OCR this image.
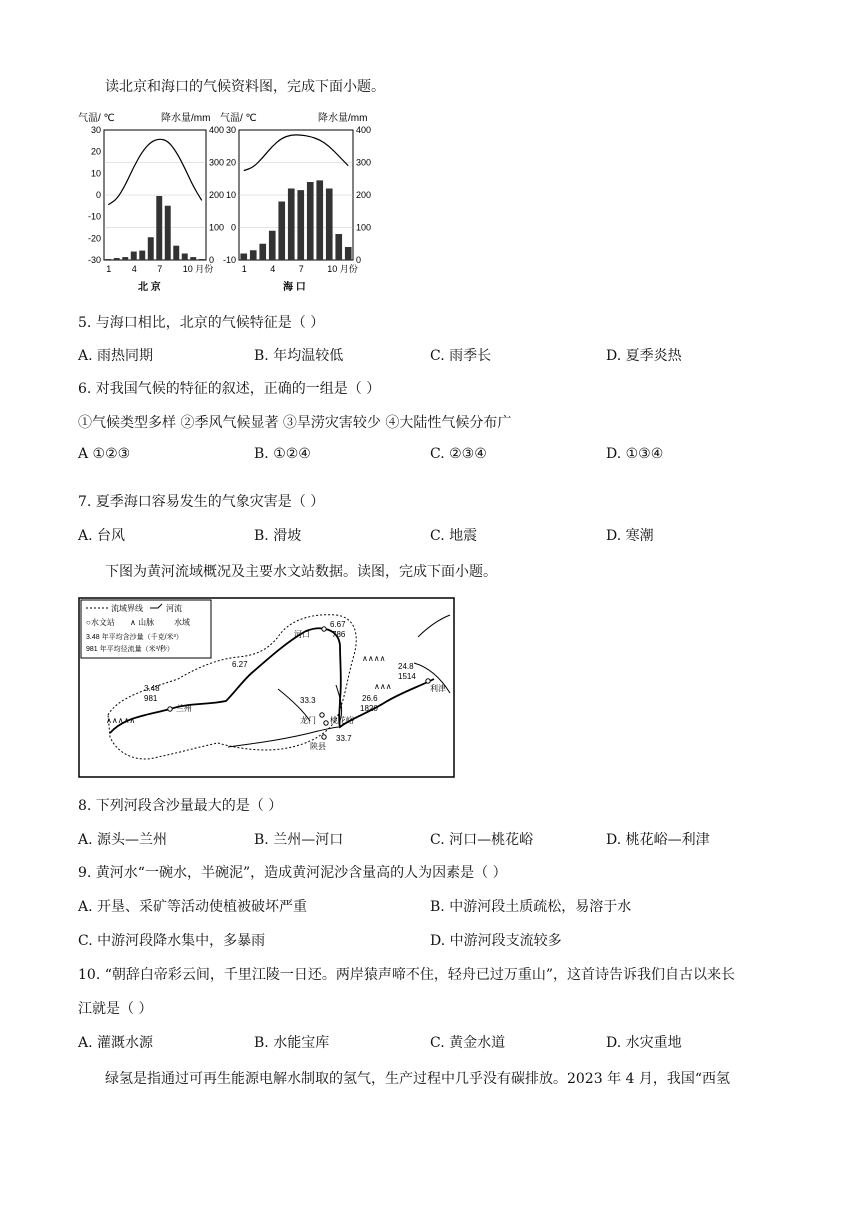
读北京和海口的气候资料图，完成下面小题。
气温/ ℃	降水量/mm
30
20
10
0
-10
-20
-30
400
300
200
100
0
1 4 7 10 月份
北 京
气温/ ℃	降水量/mm
30
20
10
0
-10
400
300
200
100
0
1	4	7	10 月份
海 口
5. 与海口相比，北京的气候特征是（ ）
A. 雨热同期	B. 年均温较低	C. 雨季长	D. 夏季炎热
6. 对我国气候的特征的叙述，正确的一组是（ ）
①气候类型多样 ②季风气候显著 ③旱涝灾害较少 ④大陆性气候分布广
A ①②③	B. ①②④	C. ②③④	D. ①③④
7. 夏季海口容易发生的气象灾害是（ ）
A. 台风	B. 滑坡	C. 地震	D. 寒潮
下图为黄河流域概况及主要水文站数据。读图，完成下面小题。
流域界线	河流
○水文站 ∧ 山脉 水域
3.48 年平均含沙量（千克/米³）
981 年平均径流量（米³/秒）
∧∧∧∧
∧∧∧
∧∧∧∧∧
兰州
3.48
981
河口
6.67
786
龙门
33.3
桃花峪
26.6
1820
陕县
33.7
利津
24.8
1514
6.27
8. 下列河段含沙量最大的是（ ）
A. 源头—兰州	B. 兰州—河口	C. 河口—桃花峪	D. 桃花峪—利津
9. 黄河水“一碗水，半碗泥”，造成黄河泥沙含量高的人为因素是（ ）
A. 开垦、采矿等活动使植被破坏严重	B. 中游河段土质疏松，易溶于水
C. 中游河段降水集中，多暴雨	D. 中游河段支流较多
10. “朝辞白帝彩云间，千里江陵一日还。两岸猿声啼不住，轻舟已过万重山”，这首诗告诉我们自古以来长
江就是（ ）
A. 灌溉水源	B. 水能宝库	C. 黄金水道	D. 水灾重地
绿氢是指通过可再生能源电解水制取的氢气，生产过程中几乎没有碳排放。2023 年 4 月，我国“西氢
